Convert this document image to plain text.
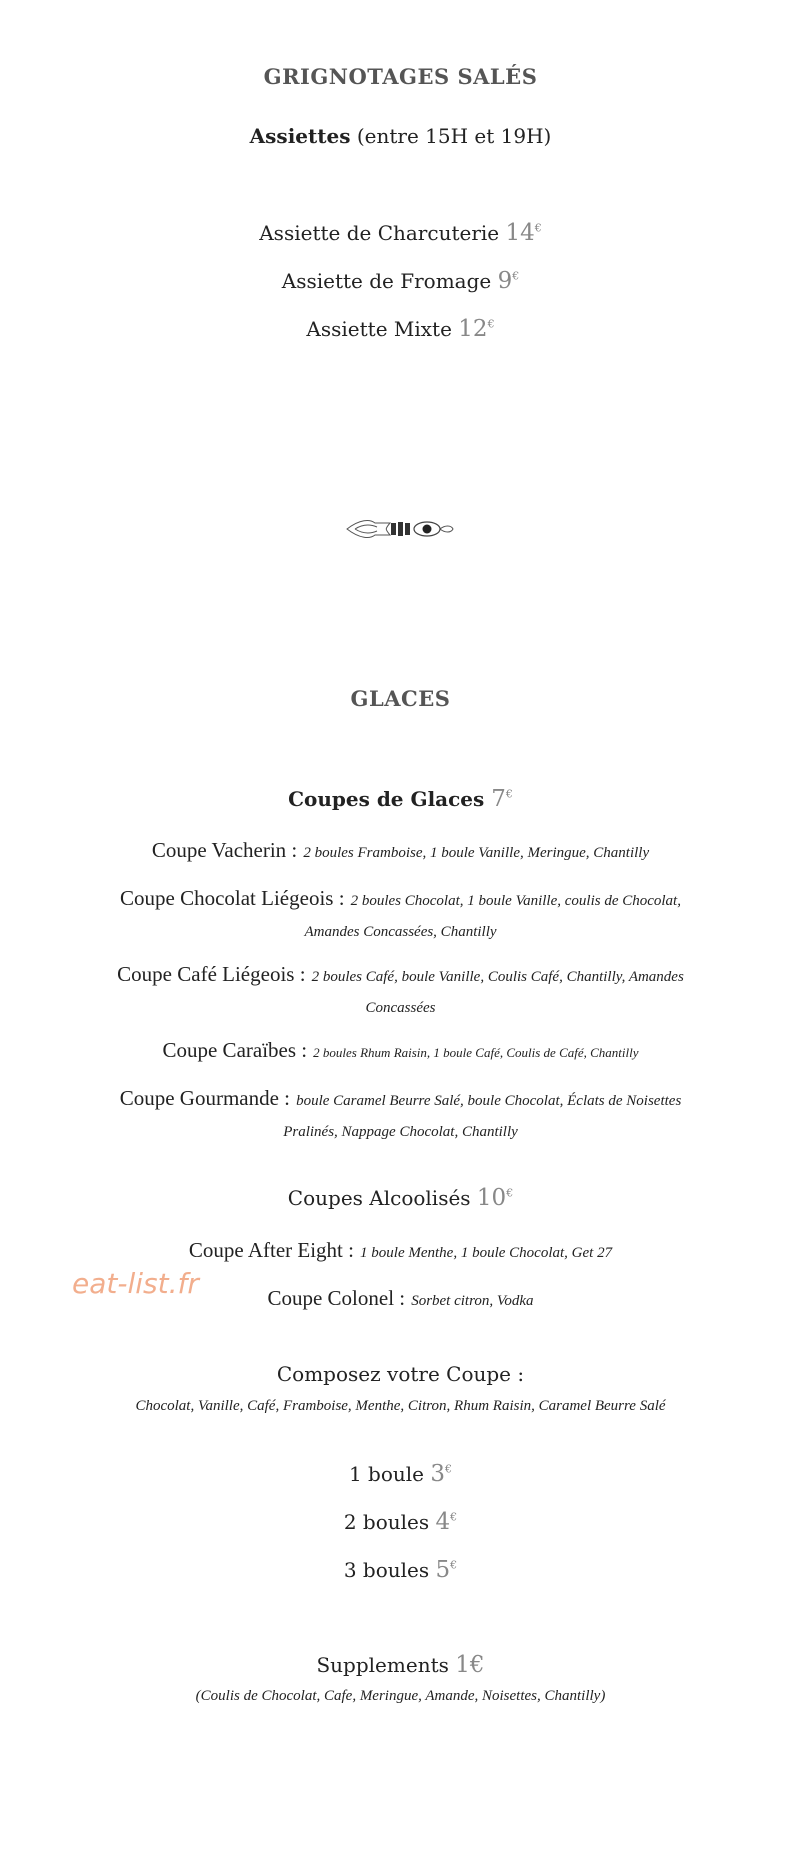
GRIGNOTAGES SALÉS
Assiettes (entre 15H et 19H)
Assiette de Charcuterie 14€
Assiette de Fromage 9€
Assiette Mixte 12€
GLACES
Coupes de Glaces 7€
Coupe Vacherin : 2 boules Framboise, 1 boule Vanille, Meringue, Chantilly
Coupe Chocolat Liégeois : 2 boules Chocolat, 1 boule Vanille, coulis de Chocolat, Amandes Concassées, Chantilly
Coupe Café Liégeois : 2 boules Café, boule Vanille, Coulis Café, Chantilly, Amandes Concassées
Coupe Caraïbes : 2 boules Rhum Raisin, 1 boule Café, Coulis de Café, Chantilly
Coupe Gourmande : boule Caramel Beurre Salé, boule Chocolat, Éclats de Noisettes Pralinés, Nappage Chocolat, Chantilly
Coupes Alcoolisés 10€
Coupe After Eight : 1 boule Menthe, 1 boule Chocolat, Get 27
Coupe Colonel : Sorbet citron, Vodka
eat-list.fr
Composez votre Coupe :
Chocolat, Vanille, Café, Framboise, Menthe, Citron, Rhum Raisin, Caramel Beurre Salé
1 boule 3€
2 boules 4€
3 boules 5€
Supplements 1€
(Coulis de Chocolat, Cafe, Meringue, Amande, Noisettes, Chantilly)
